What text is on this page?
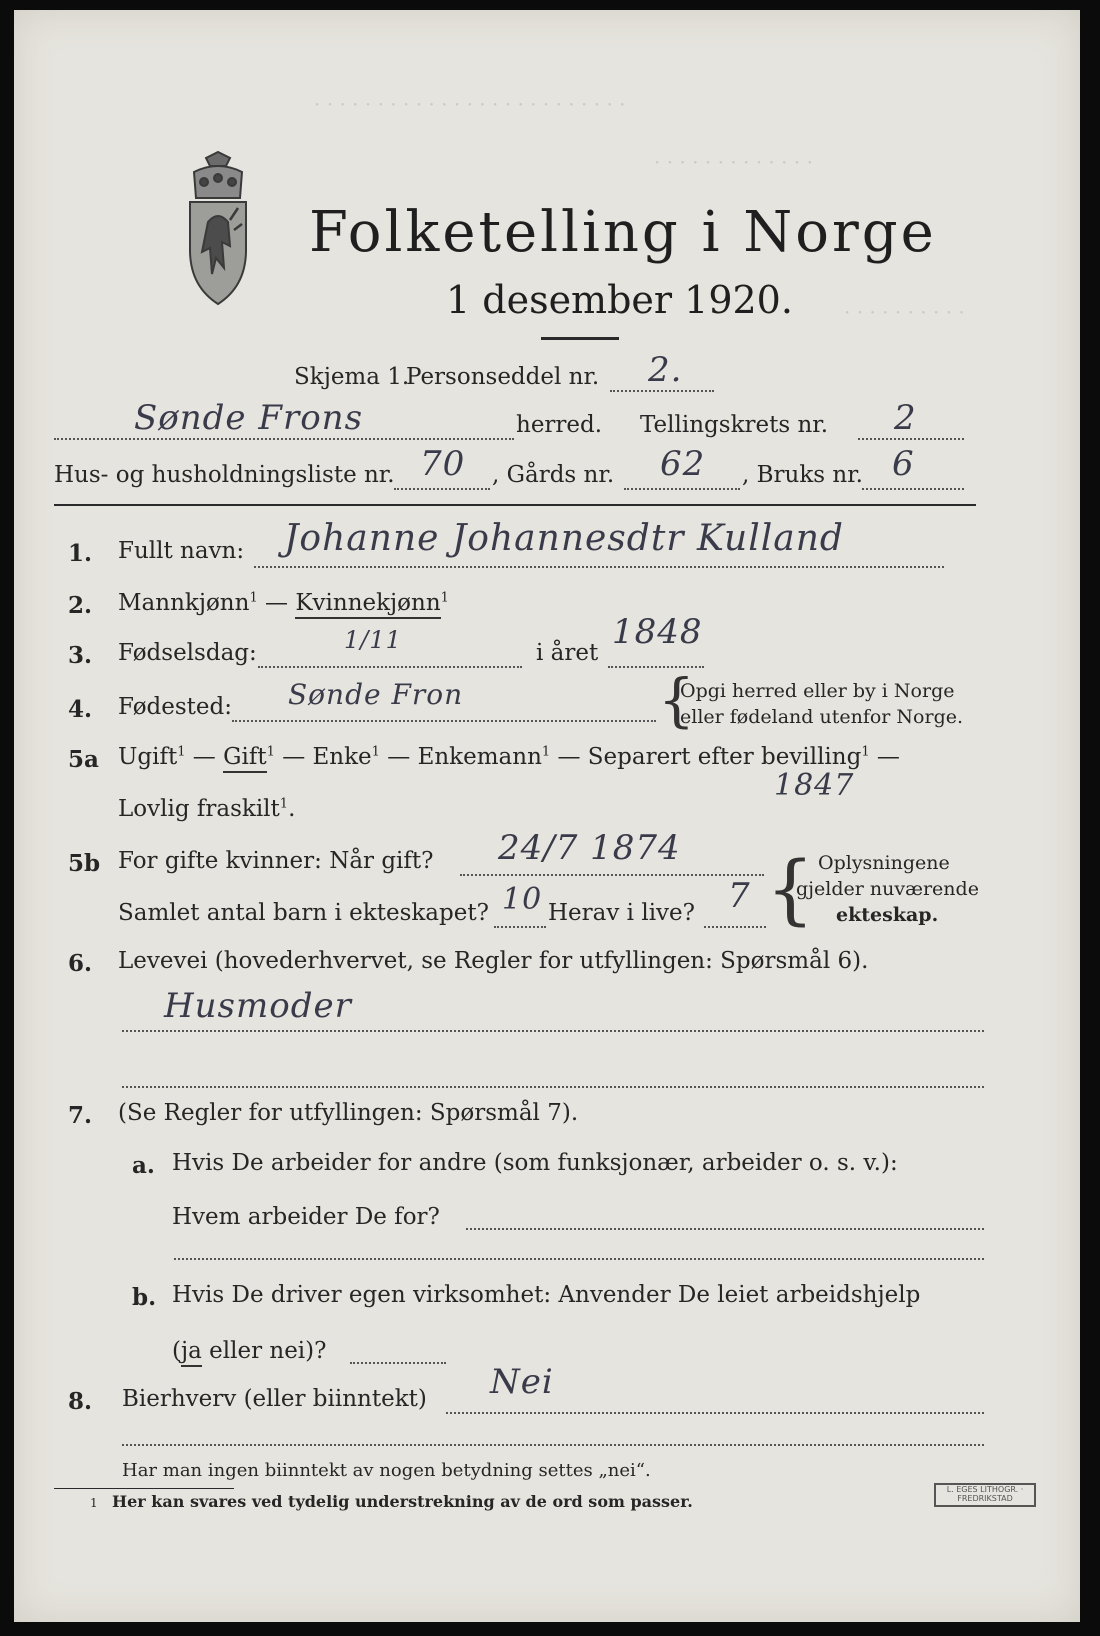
· · · · · · · · · · · · · · · · · · · · · · · · ·
· · · · · · · · · · · · ·
· · · · · · · · · ·
Folketelling i Norge
1 desember 1920.
Skjema 1.
Personseddel nr. 2.
Sønde Frons	herred. Tellingskrets nr. 2
Hus- og husholdningsliste nr. 70 , Gårds nr. 62 , Bruks nr. 6
1. Fullt navn: Johanne Johannesdtr Kulland
2. Mannkjønn$^1$ — Kvinnekjønn$^1$
3. Fødselsdag:	1/11	i året
1848
4. Fødested: Sønde Fron	{
Opgi herred eller by i Norge
eller fødeland utenfor Norge.
5a Ugift$^1$ — Gift$^1$ — Enke$^1$ — Enkemann$^1$ — Separert efter bevilling$^1$ —
Lovlig fraskilt$^1$.
1847
5b For gifte kvinner: Når gift? 24/7 1874
Samlet antal barn i ekteskapet? 10 Herav i live? 7 { Oplysningene
gjelder nuværende
ekteskap.
6. Levevei (hovederhvervet, se Regler for utfyllingen: Spørsmål 6).
Husmoder
7. (Se Regler for utfyllingen: Spørsmål 7).
a. Hvis De arbeider for andre (som funksjonær, arbeider o. s. v.):
Hvem arbeider De for?
b. Hvis De driver egen virksomhet: Anvender De leiet arbeidshjelp
(ja eller nei)?
8. Bierhverv (eller biinntekt) Nei
Har man ingen biinntekt av nogen betydning settes „nei“.
1 Her kan svares ved tydelig understrekning av de ord som passer.
L. EGES LITHOGR. · FREDRIKSTAD
